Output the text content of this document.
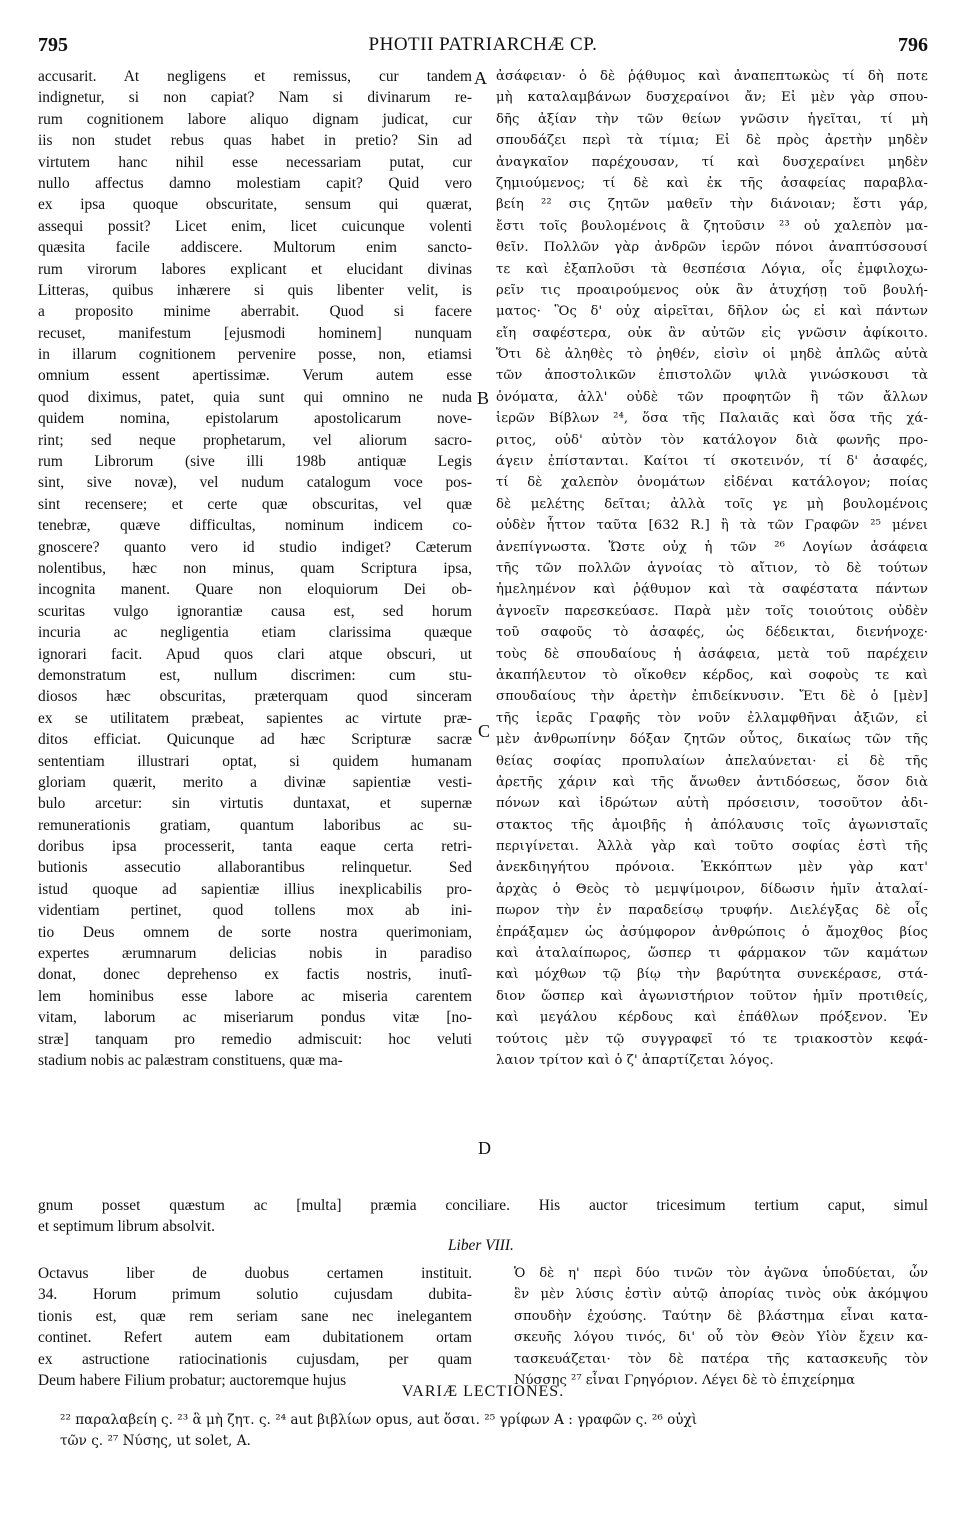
795	PHOTII PATRIARCHÆ CP.	796
accusarit. At negligens et remissus, cur tandem
indignetur, si non capiat? Nam si divinarum re-
rum cognitionem labore aliquo dignam judicat, cur
iis non studet rebus quas habet in pretio? Sin ad
virtutem hanc nihil esse necessariam putat, cur
nullo affectus damno molestiam capit? Quid vero
ex ipsa quoque obscuritate, sensum qui quærat,
assequi possit? Licet enim, licet cuicunque volenti
quæsita facile addiscere. Multorum enim sancto-
rum virorum labores explicant et elucidant divinas
Litteras, quibus inhærere si quis libenter velit, is
a proposito minime aberrabit. Quod si facere
recuset, manifestum [ejusmodi hominem] nunquam
in illarum cognitionem pervenire posse, non, etiamsi
omnium essent apertissimæ. Verum autem esse
quod diximus, patet, quia sunt qui omnino ne nuda
quidem nomina, epistolarum apostolicarum nove-
rint; sed neque prophetarum, vel aliorum sacro-
rum Librorum (sive illi 198b antiquæ Legis
sint, sive novæ), vel nudum catalogum voce pos-
sint recensere; et certe quæ obscuritas, vel quæ
tenebræ, quæve difficultas, nominum indicem co-
gnoscere? quanto vero id studio indiget? Cæterum
nolentibus, hæc non minus, quam Scriptura ipsa,
incognita manent. Quare non eloquiorum Dei ob-
scuritas vulgo ignorantiæ causa est, sed horum
incuria ac negligentia etiam clarissima quæque
ignorari facit. Apud quos clari atque obscuri, ut
demonstratum est, nullum discrimen: cum stu-
diosos hæc obscuritas, præterquam quod sinceram
ex se utilitatem præbeat, sapientes ac virtute præ-
ditos efficiat. Quicunque ad hæc Scripturæ sacræ
sententiam illustrari optat, si quidem humanam
gloriam quærit, merito a divinæ sapientiæ vesti-
bulo arcetur: sin virtutis duntaxat, et supernæ
remunerationis gratiam, quantum laboribus ac su-
doribus ipsa processerit, tanta eaque certa retri-
butionis assecutio allaborantibus relinquetur. Sed
istud quoque ad sapientiæ illius inexplicabilis pro-
videntiam pertinet, quod tollens mox ab ini-
tio Deus omnem de sorte nostra querimoniam,
expertes ærumnarum delicias nobis in paradiso
donat, donec deprehenso ex factis nostris, inutî-
lem hominibus esse labore ac miseria carentem
vitam, laborum ac miseriarum pondus vitæ [no-
stræ] tanquam pro remedio admiscuit: hoc veluti
stadium nobis ac palæstram constituens, quæ ma-
ἀσάφειαν· ὁ δὲ ῥᾴθυμος καὶ ἀναπεπτωκὼς τί δὴ ποτε
μὴ καταλαμβάνων δυσχεραίνοι ἄν; Εἰ μὲν γὰρ σπου-
δῆς ἀξίαν τὴν τῶν θείων γνῶσιν ἡγεῖται, τί μὴ
σπουδάζει περὶ τὰ τίμια; Εἰ δὲ πρὸς ἀρετὴν μηδὲν
ἀναγκαῖον παρέχουσαν, τί καὶ δυσχεραίνει μηδὲν
ζημιούμενος; τί δὲ καὶ ἐκ τῆς ἀσαφείας παραβλα-
βείη ²² σις ζητῶν μαθεῖν τὴν διάνοιαν; ἔστι γάρ,
ἔστι τοῖς βουλομένοις ἃ ζητοῦσιν ²³ οὐ χαλεπὸν μα-
θεῖν. Πολλῶν γὰρ ἀνδρῶν ἱερῶν πόνοι ἀναπτύσσουσί
τε καὶ ἐξαπλοῦσι τὰ θεσπέσια Λόγια, οἷς ἐμφιλοχω-
ρεῖν τις προαιρούμενος οὐκ ἂν ἀτυχήσῃ τοῦ βουλή-
ματος· Ὃς δ' οὐχ αἱρεῖται, δῆλον ὡς εἰ καὶ πάντων
εἴη σαφέστερα, οὐκ ἂν αὐτῶν εἰς γνῶσιν ἀφίκοιτο.
Ὅτι δὲ ἀληθὲς τὸ ῥηθέν, εἰσὶν οἱ μηδὲ ἁπλῶς αὐτὰ
τῶν ἀποστολικῶν ἐπιστολῶν ψιλὰ γινώσκουσι τὰ
ὀνόματα, ἀλλ' οὐδὲ τῶν προφητῶν ἢ τῶν ἄλλων
ἱερῶν Βίβλων ²⁴, ὅσα τῆς Παλαιᾶς καὶ ὅσα τῆς χά-
ριτος, οὐδ' αὐτὸν τὸν κατάλογον διὰ φωνῆς προ-
άγειν ἐπίστανται. Καίτοι τί σκοτεινόν, τί δ' ἀσαφές,
τί δὲ χαλεπὸν ὀνομάτων εἰδέναι κατάλογον; ποίας
δὲ μελέτης δεῖται; ἀλλὰ τοῖς γε μὴ βουλομένοις
οὐδὲν ἧττον ταῦτα [632 R.] ἢ τὰ τῶν Γραφῶν ²⁵ μένει
ἀνεπίγνωστα. Ὥστε οὐχ ἡ τῶν ²⁶ Λογίων ἀσάφεια
τῆς τῶν πολλῶν ἀγνοίας τὸ αἴτιον, τὸ δὲ τούτων
ἠμελημένον καὶ ῥᾴθυμον καὶ τὰ σαφέστατα πάντων
ἀγνοεῖν παρεσκεύασε. Παρὰ μὲν τοῖς τοιούτοις οὐδὲν
τοῦ σαφοῦς τὸ ἀσαφές, ὡς δέδεικται, διενήνοχε·
τοὺς δὲ σπουδαίους ἡ ἀσάφεια, μετὰ τοῦ παρέχειν
ἀκαπήλευτον τὸ οἴκοθεν κέρδος, καὶ σοφοὺς τε καὶ
σπουδαίους τὴν ἀρετὴν ἐπιδείκνυσιν. Ἔτι δὲ ὁ [μὲν]
τῆς ἱερᾶς Γραφῆς τὸν νοῦν ἐλλαμφθῆναι ἀξιῶν, εἰ
μὲν ἀνθρωπίνην δόξαν ζητῶν οὗτος, δικαίως τῶν τῆς
θείας σοφίας προπυλαίων ἀπελαύνεται· εἰ δὲ τῆς
ἀρετῆς χάριν καὶ τῆς ἄνωθεν ἀντιδόσεως, ὅσον διὰ
πόνων καὶ ἱδρώτων αὐτὴ πρόσεισιν, τοσοῦτον ἀδι-
στακτος τῆς ἀμοιβῆς ἡ ἀπόλαυσις τοῖς ἀγωνισταῖς
περιγίνεται. Ἀλλὰ γὰρ καὶ τοῦτο σοφίας ἐστὶ τῆς
ἀνεκδιηγήτου πρόνοια. Ἐκκόπτων μὲν γὰρ κατ'
ἀρχὰς ὁ Θεὸς τὸ μεμψίμοιρον, δίδωσιν ἡμῖν ἀταλαί-
πωρον τὴν ἐν παραδείσῳ τρυφήν. Διελέγξας δὲ οἷς
ἐπράξαμεν ὡς ἀσύμφορον ἀνθρώποις ὁ ἄμοχθος βίος
καὶ ἀταλαίπωρος, ὥσπερ τι φάρμακον τῶν καμάτων
καὶ μόχθων τῷ βίῳ τὴν βαρύτητα συνεκέρασε, στά-
διον ὥσπερ καὶ ἀγωνιστήριον τοῦτον ἡμῖν προτιθείς,
καὶ μεγάλου κέρδους καὶ ἐπάθλων πρόξενον. Ἐν
τούτοις μὲν τῷ συγγραφεῖ τό τε τριακοστὸν κεφά-
λαιον τρίτον καὶ ὁ ζ' ἀπαρτίζεται λόγος.
A
B
C
D
gnum posset quæstum ac [multa] præmia conciliare. His auctor tricesimum tertium caput, simul
et septimum librum absolvit.
Liber VIII.
Octavus liber de duobus certamen instituit.
34. Horum primum solutio cujusdam dubita-
tionis est, quæ rem seriam sane nec inelegantem
continet. Refert autem eam dubitationem ortam
ex astructione ratiocinationis cujusdam, per quam
Deum habere Filium probatur; auctoremque hujus
Ὁ δὲ η' περὶ δύο τινῶν τὸν ἀγῶνα ὑποδύεται, ὧν
ἓν μὲν λύσις ἐστὶν αὐτῷ ἀπορίας τινὸς οὐκ ἀκόμψου
σπουδὴν ἐχούσης. Ταύτην δὲ βλάστημα εἶναι κατα-
σκευῆς λόγου τινός, δι' οὗ τὸν Θεὸν Υἱὸν ἔχειν κα-
τασκευάζεται· τὸν δὲ πατέρα τῆς κατασκευῆς τὸν
Νύσσης ²⁷ εἶναι Γρηγόριον. Λέγει δὲ τὸ ἐπιχείρημα
VARIÆ LECTIONES.
²² παραλαβείη ς. ²³ ἃ μὴ ζητ. ς. ²⁴ aut βιβλίων opus, aut ὅσαι. ²⁵ γρίφων A : γραφῶν ς. ²⁶ οὐχὶ
τῶν ς. ²⁷ Νύσης, ut solet, A.
